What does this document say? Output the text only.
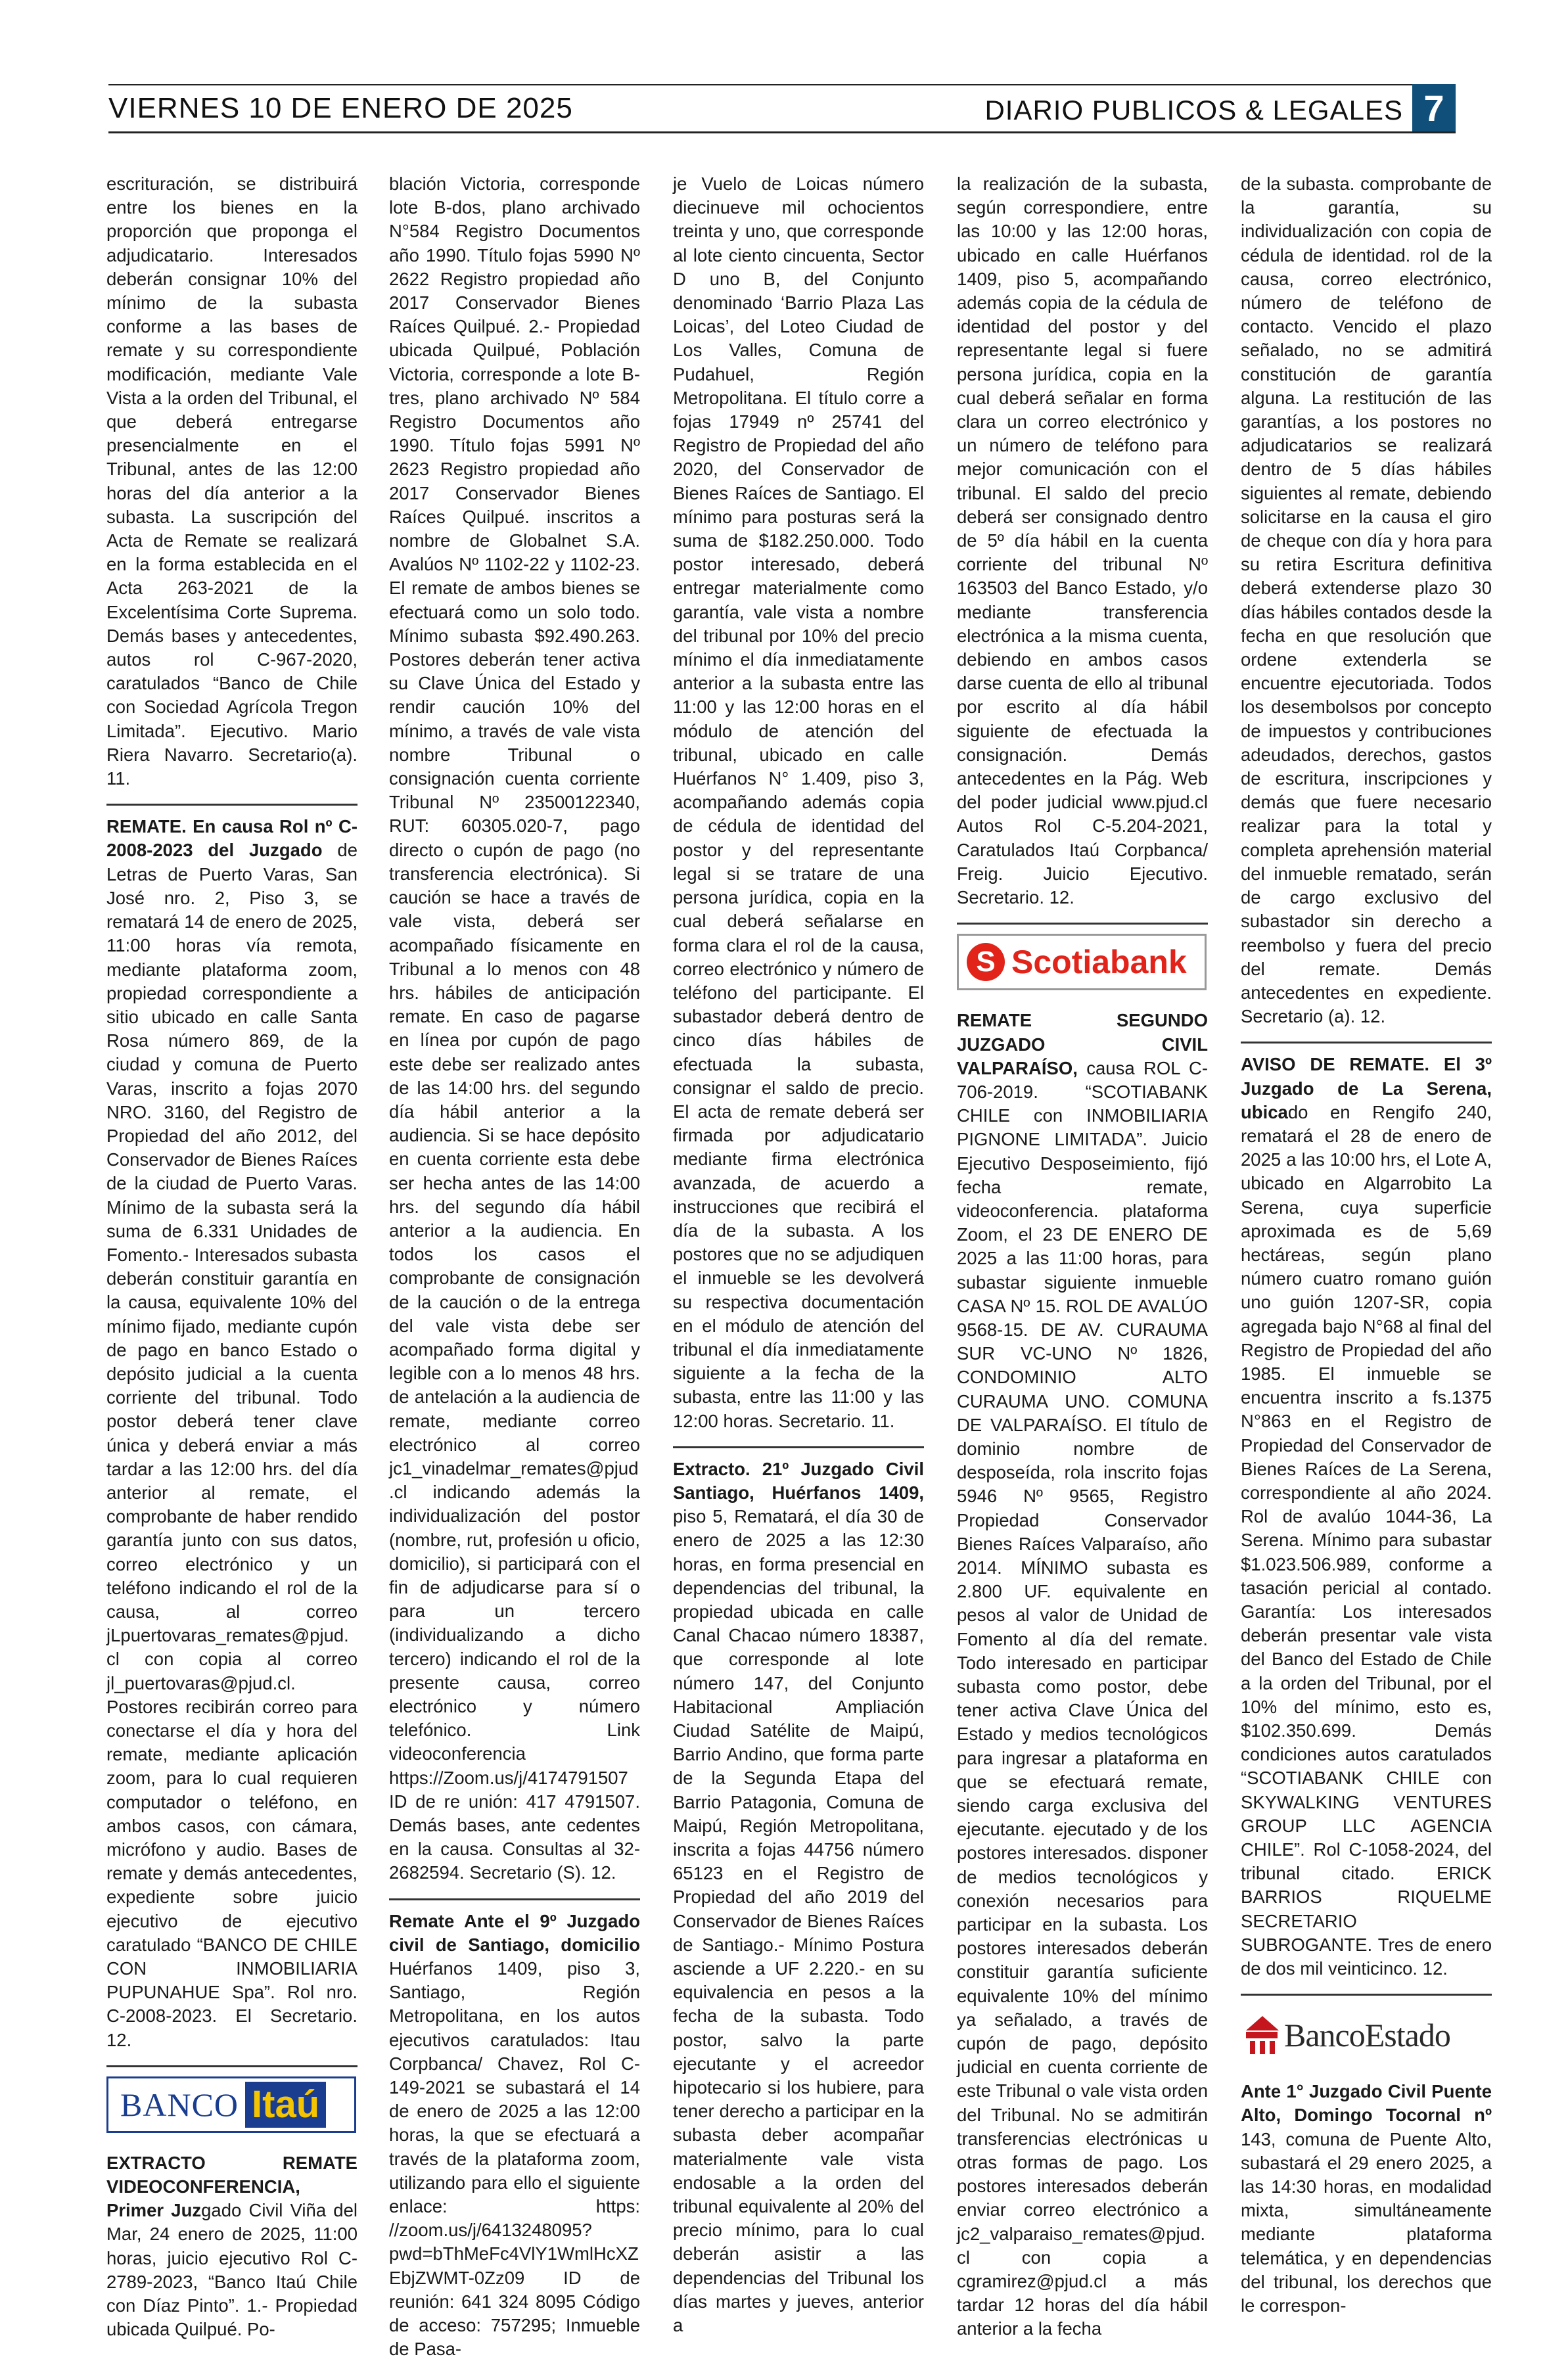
VIERNES 10 DE ENERO DE 2025	DIARIO PUBLICOS & LEGALES 7

escrituración, se distribuirá entre los bienes en la proporción que proponga el adjudicatario. Interesados deberán consignar 10% del mínimo de la subasta conforme a las bases de remate y su correspondiente modificación, mediante Vale Vista a la orden del Tribunal, el que deberá entregarse presencialmente en el Tribunal, antes de las 12:00 horas del día anterior a la subasta. La suscripción del Acta de Remate se realizará en la forma establecida en el Acta 263-2021 de la Excelentísima Corte Suprema. Demás bases y antecedentes, autos rol C-967-2020, caratulados “Banco de Chile con Sociedad Agrícola Tregon Limitada”. Ejecutivo. Mario Riera Navarro. Secretario(a). 11.

REMATE. En causa Rol nº C-2008-2023 del Juzgado de Letras de Puerto Varas, San José nro. 2, Piso 3, se rematará 14 de enero de 2025, 11:00 horas vía remota, mediante plataforma zoom, propiedad correspondiente a sitio ubicado en calle Santa Rosa número 869, de la ciudad y comuna de Puerto Varas, inscrito a fojas 2070 NRO. 3160, del Registro de Propiedad del año 2012, del Conservador de Bienes Raíces de la ciudad de Puerto Varas. Mínimo de la subasta será la suma de 6.331 Unidades de Fomento.- Interesados subasta deberán constituir garantía en la causa, equivalente 10% del mínimo fijado, mediante cupón de pago en banco Estado o depósito judicial a la cuenta corriente del tribunal. Todo postor deberá tener clave única y deberá enviar a más tardar a las 12:00 hrs. del día anterior al remate, el comprobante de haber rendido garantía junto con sus datos, correo electrónico y un teléfono indicando el rol de la causa, al correo jLpuertovaras_remates@pjud.cl con copia al correo jl_puertovaras@pjud.cl. Postores recibirán correo para conectarse el día y hora del remate, mediante aplicación zoom, para lo cual requieren computador o teléfono, en ambos casos, con cámara, micrófono y audio. Bases de remate y demás antecedentes, expediente sobre juicio ejecutivo de ejecutivo caratulado “BANCO DE CHILE CON INMOBILIARIA PUPUNAHUE Spa”. Rol nro. C-2008-2023. El Secretario. 12.

BANCO Itaú

EXTRACTO REMATE VIDEOCONFERENCIA, Primer Juzgado Civil Viña del Mar, 24 enero de 2025, 11:00 horas, juicio ejecutivo Rol C-2789-2023, “Banco Itaú Chile con Díaz Pinto”. 1.- Propiedad ubicada Quilpué. Po-

blación Victoria, corresponde lote B-dos, plano archivado N°584 Registro Documentos año 1990. Título fojas 5990 Nº 2622 Registro propiedad año 2017 Conservador Bienes Raíces Quilpué. 2.- Propiedad ubicada Quilpué, Población Victoria, corresponde a lote B-tres, plano archivado Nº 584 Registro Documentos año 1990. Título fojas 5991 Nº 2623 Registro propiedad año 2017 Conservador Bienes Raíces Quilpué. inscritos a nombre de Globalnet S.A. Avalúos Nº 1102-22 y 1102-23. El remate de ambos bienes se efectuará como un solo todo. Mínimo subasta $92.490.263. Postores deberán tener activa su Clave Única del Estado y rendir caución 10% del mínimo, a través de vale vista nombre Tribunal o consignación cuenta corriente Tribunal Nº 23500122340, RUT: 60305.020-7, pago directo o cupón de pago (no transferencia electrónica). Si caución se hace a través de vale vista, deberá ser acompañado físicamente en Tribunal a lo menos con 48 hrs. hábiles de anticipación remate. En caso de pagarse en línea por cupón de pago este debe ser realizado antes de las 14:00 hrs. del segundo día hábil anterior a la audiencia. Si se hace depósito en cuenta corriente esta debe ser hecha antes de las 14:00 hrs. del segundo día hábil anterior a la audiencia. En todos los casos el comprobante de consignación de la caución o de la entrega del vale vista debe ser acompañado forma digital y legible con a lo menos 48 hrs. de antelación a la audiencia de remate, mediante correo electrónico al correo jc1_vinadelmar_remates@pjud.cl indicando además la individualización del postor (nombre, rut, profesión u oficio, domicilio), si participará con el fin de adjudicarse para sí o para un tercero (individualizando a dicho tercero) indicando el rol de la presente causa, correo electrónico y número telefónico. Link videoconferencia https://Zoom.us/j/4174791507 ID de re unión: 417 4791507. Demás bases, ante cedentes en la causa. Consultas al 32-2682594. Secretario (S). 12.

Remate Ante el 9º Juzgado civil de Santiago, domicilio Huérfanos 1409, piso 3, Santiago, Región Metropolitana, en los autos ejecutivos caratulados: Itau Corpbanca/ Chavez, Rol C-149-2021 se subastará el 14 de enero de 2025 a las 12:00 horas, la que se efectuará a través de la plataforma zoom, utilizando para ello el siguiente enlace: https: //zoom.us/j/6413248095?pwd=bThMeFc4VlY1WmlHcXZEbjZWMT-0Zz09 ID de reunión: 641 324 8095 Código de acceso: 757295; Inmueble de Pasa-

je Vuelo de Loicas número diecinueve mil ochocientos treinta y uno, que corresponde al lote ciento cincuenta, Sector D uno B, del Conjunto denominado ‘Barrio Plaza Las Loicas’, del Loteo Ciudad de Los Valles, Comuna de Pudahuel, Región Metropolitana. El título corre a fojas 17949 nº 25741 del Registro de Propiedad del año 2020, del Conservador de Bienes Raíces de Santiago. El mínimo para posturas será la suma de $182.250.000. Todo postor interesado, deberá entregar materialmente como garantía, vale vista a nombre del tribunal por 10% del precio mínimo el día inmediatamente anterior a la subasta entre las 11:00 y las 12:00 horas en el módulo de atención del tribunal, ubicado en calle Huérfanos N° 1.409, piso 3, acompañando además copia de cédula de identidad del postor y del representante legal si se tratare de una persona jurídica, copia en la cual deberá señalarse en forma clara el rol de la causa, correo electrónico y número de teléfono del participante. El subastador deberá dentro de cinco días hábiles de efectuada la subasta, consignar el saldo de precio. El acta de remate deberá ser firmada por adjudicatario mediante firma electrónica avanzada, de acuerdo a instrucciones que recibirá el día de la subasta. A los postores que no se adjudiquen el inmueble se les devolverá su respectiva documentación en el módulo de atención del tribunal el día inmediatamente siguiente a la fecha de la subasta, entre las 11:00 y las 12:00 horas. Secretario. 11.

Extracto. 21º Juzgado Civil Santiago, Huérfanos 1409, piso 5, Rematará, el día 30 de enero de 2025 a las 12:30 horas, en forma presencial en dependencias del tribunal, la propiedad ubicada en calle Canal Chacao número 18387, que corresponde al lote número 147, del Conjunto Habitacional Ampliación Ciudad Satélite de Maipú, Barrio Andino, que forma parte de la Segunda Etapa del Barrio Patagonia, Comuna de Maipú, Región Metropolitana, inscrita a fojas 44756 número 65123 en el Registro de Propiedad del año 2019 del Conservador de Bienes Raíces de Santiago.- Mínimo Postura asciende a UF 2.220.- en su equivalencia en pesos a la fecha de la subasta. Todo postor, salvo la parte ejecutante y el acreedor hipotecario si los hubiere, para tener derecho a participar en la subasta deber acompañar materialmente vale vista endosable a la orden del tribunal equivalente al 20% del precio mínimo, para lo cual deberán asistir a las dependencias del Tribunal los días martes y jueves, anterior a

la realización de la subasta, según correspondiere, entre las 10:00 y las 12:00 horas, ubicado en calle Huérfanos 1409, piso 5, acompañando además copia de la cédula de identidad del postor y del representante legal si fuere persona jurídica, copia en la cual deberá señalar en forma clara un correo electrónico y un número de teléfono para mejor comunicación con el tribunal. El saldo del precio deberá ser consignado dentro de 5º día hábil en la cuenta corriente del tribunal Nº 163503 del Banco Estado, y/o mediante transferencia electrónica a la misma cuenta, debiendo en ambos casos darse cuenta de ello al tribunal por escrito al día hábil siguiente de efectuada la consignación. Demás antecedentes en la Pág. Web del poder judicial www.pjud.cl Autos Rol C-5.204-2021, Caratulados Itaú Corpbanca/ Freig. Juicio Ejecutivo. Secretario. 12.

S Scotiabank

REMATE SEGUNDO JUZGADO CIVIL VALPARAÍSO, causa ROL C-706-2019. “SCOTIABANK CHILE con INMOBILIARIA PIGNONE LIMITADA”. Juicio Ejecutivo Desposeimiento, fijó fecha remate, videoconferencia. plataforma Zoom, el 23 DE ENERO DE 2025 a las 11:00 horas, para subastar siguiente inmueble CASA Nº 15. ROL DE AVALÚO 9568-15. DE AV. CURAUMA SUR VC-UNO Nº 1826, CONDOMINIO ALTO CURAUMA UNO. COMUNA DE VALPARAÍSO. El título de dominio nombre de desposeída, rola inscrito fojas 5946 Nº 9565, Registro Propiedad Conservador Bienes Raíces Valparaíso, año 2014. MÍNIMO subasta es 2.800 UF. equivalente en pesos al valor de Unidad de Fomento al día del remate. Todo interesado en participar subasta como postor, debe tener activa Clave Única del Estado y medios tecnológicos para ingresar a plataforma en que se efectuará remate, siendo carga exclusiva del ejecutante. ejecutado y de los postores interesados. disponer de medios tecnológicos y conexión necesarios para participar en la subasta. Los postores interesados deberán constituir garantía suficiente equivalente 10% del mínimo ya señalado, a través de cupón de pago, depósito judicial en cuenta corriente de este Tribunal o vale vista orden del Tribunal. No se admitirán transferencias electrónicas u otras formas de pago. Los postores interesados deberán enviar correo electrónico a jc2_valparaiso_remates@pjud.cl con copia a cgramirez@pjud.cl a más tardar 12 horas del día hábil anterior a la fecha

de la subasta. comprobante de la garantía, su individualización con copia de cédula de identidad. rol de la causa, correo electrónico, número de teléfono de contacto. Vencido el plazo señalado, no se admitirá constitución de garantía alguna. La restitución de las garantías, a los postores no adjudicatarios se realizará dentro de 5 días hábiles siguientes al remate, debiendo solicitarse en la causa el giro de cheque con día y hora para su retira Escritura definitiva deberá extenderse plazo 30 días hábiles contados desde la fecha en que resolución que ordene extenderla se encuentre ejecutoriada. Todos los desembolsos por concepto de impuestos y contribuciones adeudados, derechos, gastos de escritura, inscripciones y demás que fuere necesario realizar para la total y completa aprehensión material del inmueble rematado, serán de cargo exclusivo del subastador sin derecho a reembolso y fuera del precio del remate. Demás antecedentes en expediente. Secretario (a). 12.

AVISO DE REMATE. El 3º Juzgado de La Serena, ubicado en Rengifo 240, rematará el 28 de enero de 2025 a las 10:00 hrs, el Lote A, ubicado en Algarrobito La Serena, cuya superficie aproximada es de 5,69 hectáreas, según plano número cuatro romano guión uno guión 1207-SR, copia agregada bajo N°68 al final del Registro de Propiedad del año 1985. El inmueble se encuentra inscrito a fs.1375 N°863 en el Registro de Propiedad del Conservador de Bienes Raíces de La Serena, correspondiente al año 2024. Rol de avalúo 1044-36, La Serena. Mínimo para subastar $1.023.506.989, conforme a tasación pericial al contado. Garantía: Los interesados deberán presentar vale vista del Banco del Estado de Chile a la orden del Tribunal, por el 10% del mínimo, esto es, $102.350.699. Demás condiciones autos caratulados “SCOTIABANK CHILE con SKYWALKING VENTURES GROUP LLC AGENCIA CHILE”. Rol C-1058-2024, del tribunal citado. ERICK BARRIOS RIQUELME SECRETARIO SUBROGANTE. Tres de enero de dos mil veinticinco. 12.

BancoEstado

Ante 1° Juzgado Civil Puente Alto, Domingo Tocornal nº 143, comuna de Puente Alto, subastará el 29 enero 2025, a las 14:30 horas, en modalidad mixta, simultáneamente mediante plataforma telemática, y en dependencias del tribunal, los derechos que le correspon-
